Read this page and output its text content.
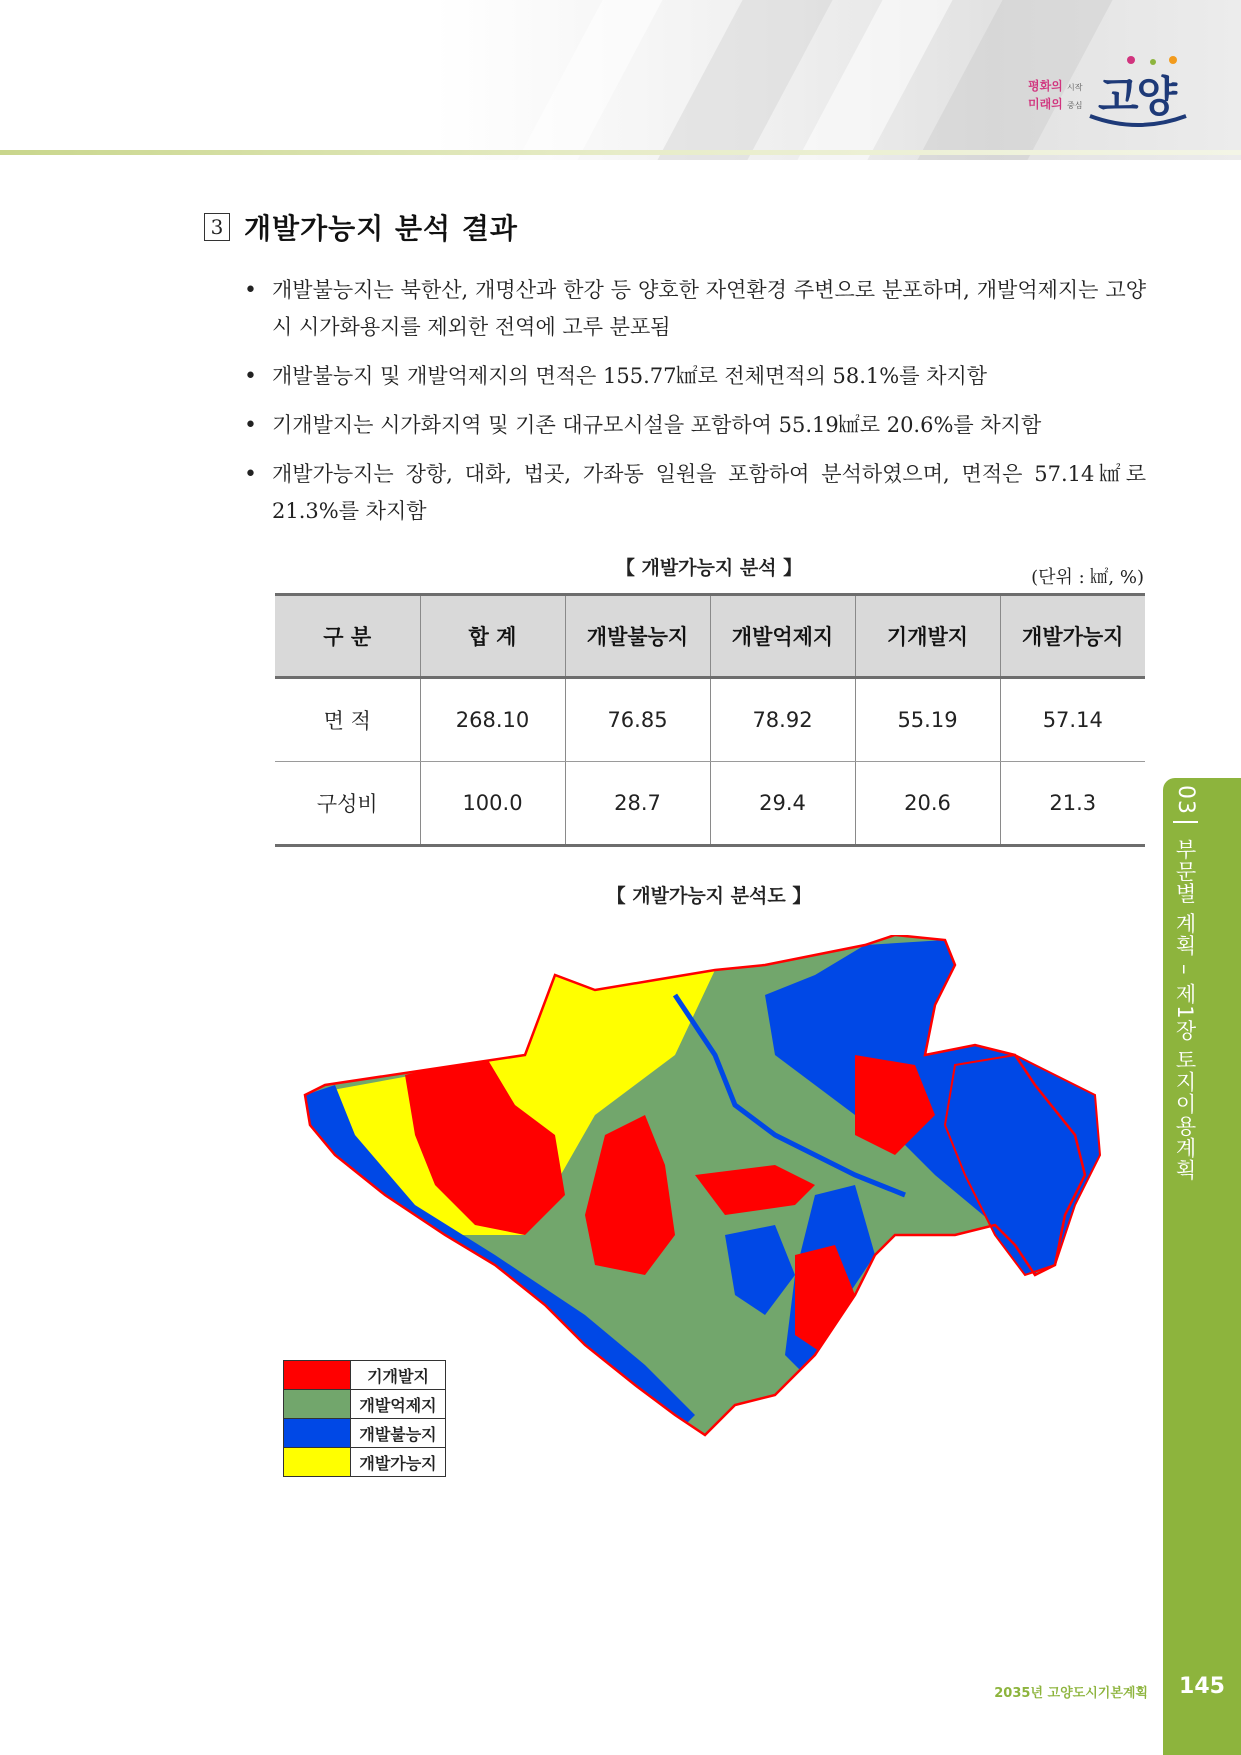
평화의 시작
미래의 중심 고양
3 개발가능지 분석 결과
• 개발불능지는 북한산, 개명산과 한강 등 양호한 자연환경 주변으로 분포하며, 개발억제지는 고양시 시가화용지를 제외한 전역에 고루 분포됨
• 개발불능지 및 개발억제지의 면적은 155.77㎢로 전체면적의 58.1%를 차지함
• 기개발지는 시가화지역 및 기존 대규모시설을 포함하여 55.19㎢로 20.6%를 차지함
• 개발가능지는 장항, 대화, 법곳, 가좌동 일원을 포함하여 분석하였으며, 면적은 57.14㎢로 21.3%를 차지함
【 개발가능지 분석 】	(단위 : ㎢, %)
구 분	합 계	개발불능지	개발억제지	기개발지	개발가능지
면 적	268.10	76.85	78.92	55.19	57.14
구성비	100.0	28.7	29.4	20.6	21.3
【 개발가능지 분석도 】
	기개발지
	개발억제지
	개발불능지
	개발가능지
03 부문별 계획 – 제1장 토지이용계획
2035년 고양도시기본계획	145
